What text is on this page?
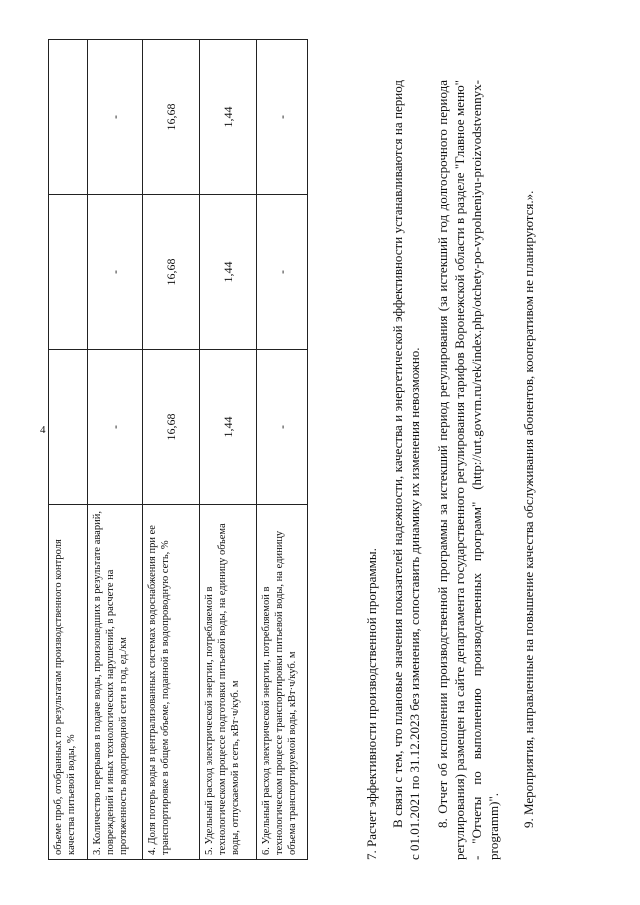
4
объеме проб, отобранных по результатам производственного контроля качества питьевой воды, %			
3. Количество перерывов в подаче воды, произошедших в результате аварий, повреждений и иных технологических нарушений, в расчете на протяженность водопроводной сети в год, ед./км	-	-	-
4. Доля потерь воды в централизованных системах водоснабжения при ее транспортировке в общем объеме, поданной в водопроводную сеть, %	16,68	16,68	16,68
5. Удельный расход электрической энергии, потребляемой в технологическом процессе подготовки питьевой воды, на единицу объема воды, отпускаемой в сеть, кВт·ч/куб. м	1,44	1,44	1,44
6. Удельный расход электрической энергии, потребляемой в технологическом процессе транспортировки питьевой воды, на единицу объема транспортируемой воды, кВт·ч/куб. м	-	-	-
7. Расчет эффективности производственной программы. В связи с тем, что плановые значения показателей надежности, качества и энергетической эффективности устанавливаются на период с 01.01.2021 по 31.12.2023 без изменения, сопоставить динамику их изменения невозможно. 8. Отчет об исполнении производственной программы за истекший период регулирования (за истекший год долгосрочного периода регулирования) размещен на сайте департамента государственного регулирования тарифов Воронежской области в разделе "Главное меню" - "Отчеты по выполнению производственных программ" (http://urt.govvrn.ru/rek/index.php/otchety-po-vypolneniyu-proizvodstvennyx-programm)". 9. Мероприятия, направленные на повышение качества обслуживания абонентов, кооперативом не планируются.».
